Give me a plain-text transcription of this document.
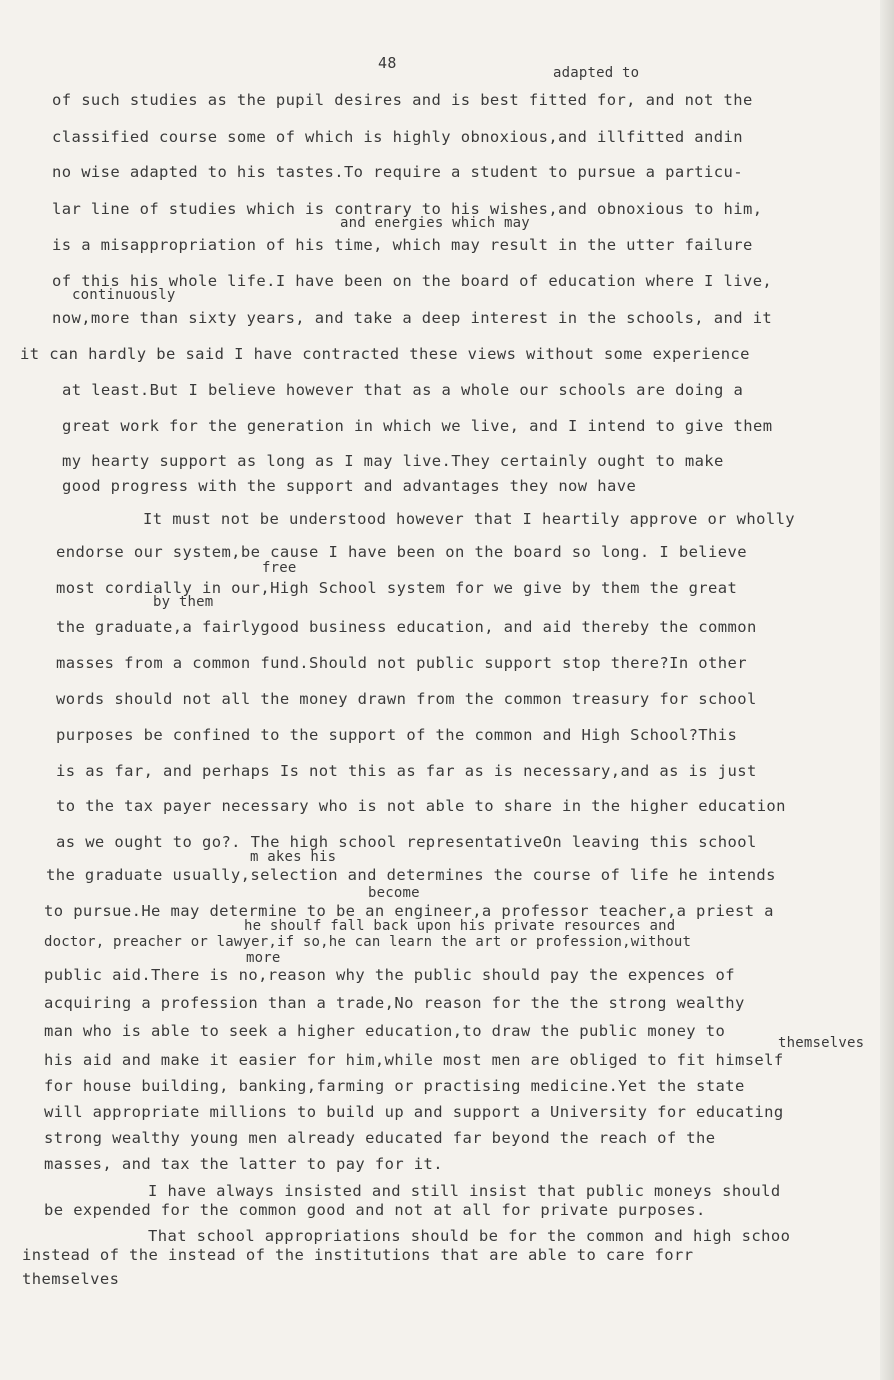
48
adapted to
of such studies as the pupil desires and is best fitted for, and not the
classified course some of which is highly obnoxious,and illfitted andin
no wise adapted to his tastes.To require a student to pursue a particu-
lar line of studies which is contrary to his wishes,and obnoxious to him,
and energies which may
is a misappropriation of his time, which may result in the utter failure
of this his whole life.I have been on the board of education where I live,
continuously
now,more than sixty years, and take a deep interest in the schools, and it
it can hardly be said I have contracted these views without some experience
at least.But I believe however that as a whole our schools are doing a
great work for the generation in which we live, and I intend to give them
my hearty support as long as I may live.They certainly ought to make
good progress with the support and advantages they now have
It must not be understood however that I heartily approve or wholly
endorse our system,be cause I have been on the board so long. I believe
free
most cordially in our,High School system for we give by them the great
by them
the graduate,a fairlygood business education, and aid thereby the common
masses from a common fund.Should not public support stop there?In other
words should not all the money drawn from the common treasury for school
purposes be confined to the support of the common and High School?This
is as far, and perhaps Is not this as far as is necessary,and as is just
to the tax payer necessary who is not able to share in the higher education
as we ought to go?. The high school representativeOn leaving this school
m akes his
the graduate usually,selection and determines the course of life he intends
become
to pursue.He may determine to be an engineer,a professor teacher,a priest a
he shoulf fall back upon his private resources and
doctor, preacher or lawyer,if so,he can learn the art or profession,without
more
public aid.There is no,reason why the public should pay the expences of
acquiring a profession than a trade,No reason for the the strong wealthy
man who is able to seek a higher education,to draw the public money to
themselves
his aid and make it easier for him,while most men are obliged to fit himself
for house building, banking,farming or practising medicine.Yet the state
will appropriate millions to build up and support a University for educating
strong wealthy young men already educated far beyond the reach of the
masses, and tax the latter to pay for it.
I have always insisted and still insist that public moneys should
be expended for the common good and not at all for private purposes.
That school appropriations should be for the common and high schoo
instead of the instead of the institutions that are able to care forr
themselves
